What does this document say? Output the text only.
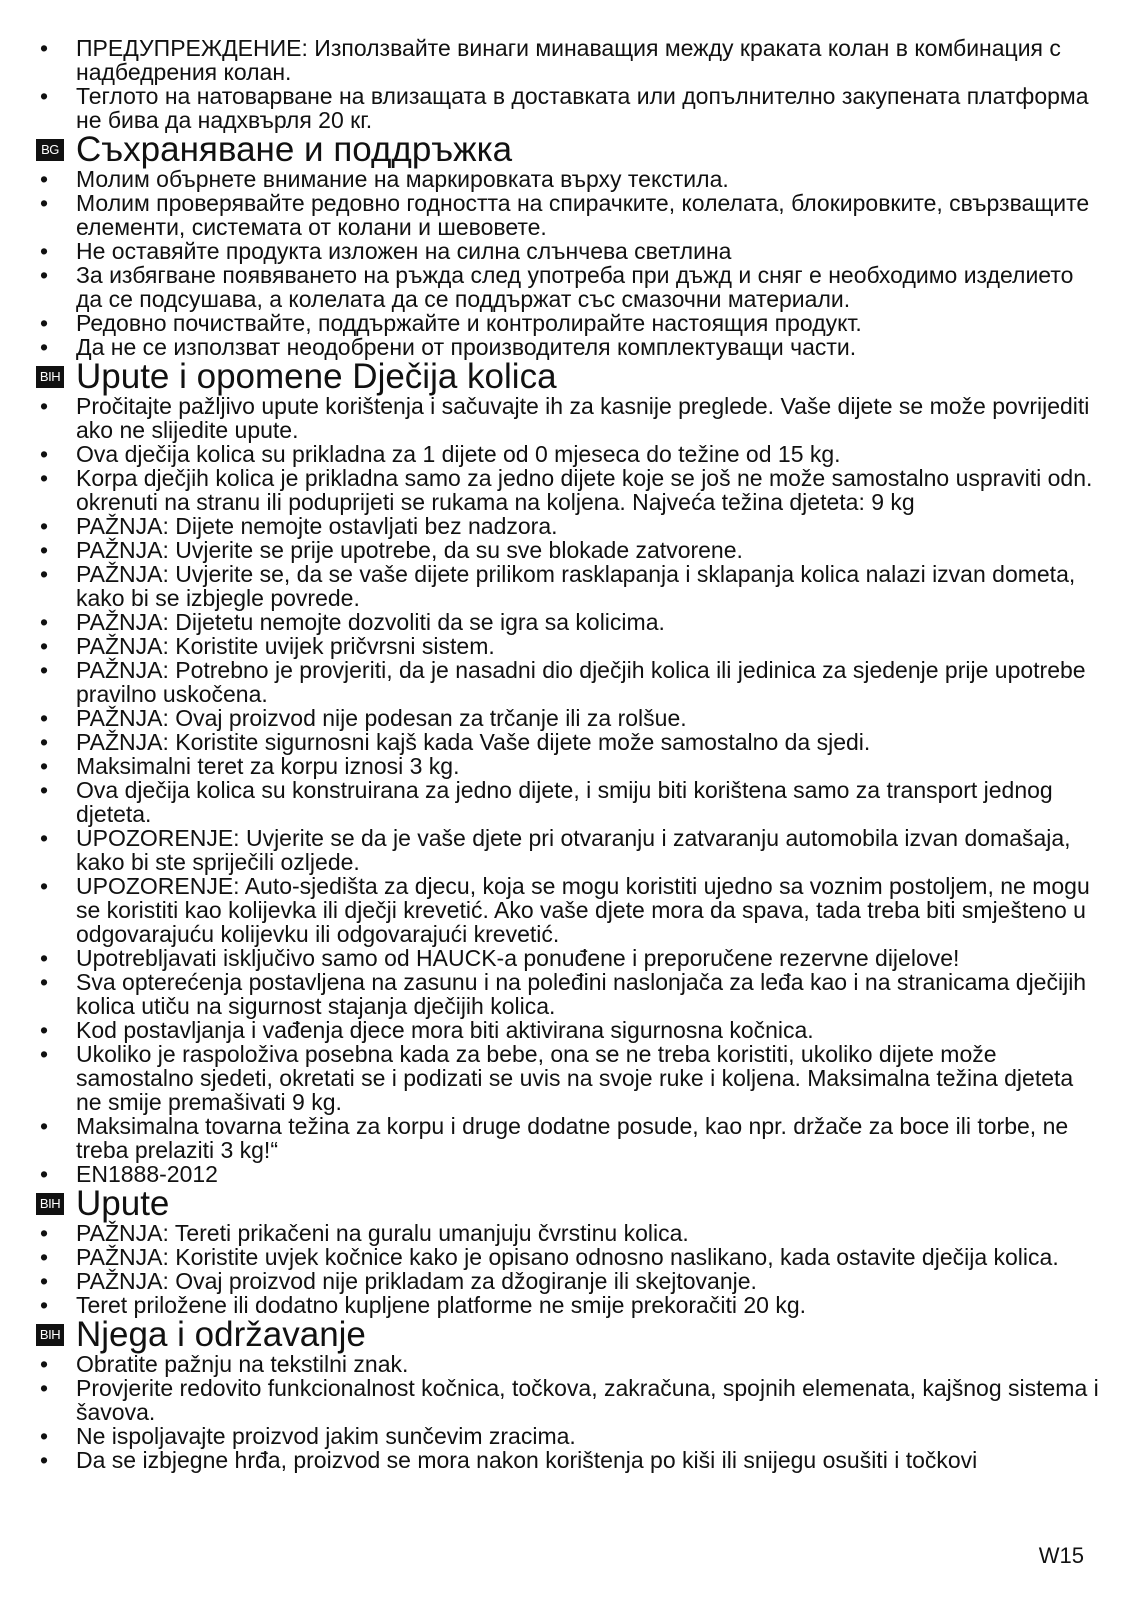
•	ПРЕДУПРЕЖДЕНИЕ: Използвайте винаги минаващия между краката колан в комбинация с надбедрения колан.
•	Теглото на натоварване на влизащата в доставката или допълнително закупената платформа не бива да надхвърля 20 кг.
BG Съхраняване и поддръжка
•	Молим обърнете внимание на маркировката върху текстила.
•	Молим проверявайте редовно годността на спирачките, колелата, блокировките, свързващите елементи, системата от колани и шевовете.
•	Не оставяйте продукта изложен на силна слънчева светлина
•	За избягване появяването на ръжда след употреба при дъжд и сняг е необходимо изделието да се подсушава, а колелата да се поддържат със смазочни материали.
•	Редовно почиствайте, поддържайте и контролирайте настоящия продукт.
•	Да не се използват неодобрени от производителя комплектуващи части.
BIH Upute i opomene Dječija kolica
•	Pročitajte pažljivo upute korištenja i sačuvajte ih za kasnije preglede. Vaše dijete se može povrijediti ako ne slijedite upute.
•	Ova dječija kolica su prikladna za 1 dijete od 0 mjeseca do težine od 15 kg.
•	Korpa dječjih kolica je prikladna samo za jedno dijete koje se još ne može samostalno uspraviti odn. okrenuti na stranu ili poduprijeti se rukama na koljena. Najveća težina djeteta: 9 kg
•	PAŽNJA: Dijete nemojte ostavljati bez nadzora.
•	PAŽNJA: Uvjerite se prije upotrebe, da su sve blokade zatvorene.
•	PAŽNJA: Uvjerite se, da se vaše dijete prilikom rasklapanja i sklapanja kolica nalazi izvan dometa, kako bi se izbjegle povrede.
•	PAŽNJA: Dijetetu nemojte dozvoliti da se igra sa kolicima.
•	PAŽNJA: Koristite uvijek pričvrsni sistem.
•	PAŽNJA: Potrebno je provjeriti, da je nasadni dio dječjih kolica ili jedinica za sjedenje prije upotrebe pravilno uskočena.
•	PAŽNJA: Ovaj proizvod nije podesan za trčanje ili za rolšue.
•	PAŽNJA: Koristite sigurnosni kajš kada Vaše dijete može samostalno da sjedi.
•	Maksimalni teret za korpu iznosi 3 kg.
•	Ova dječija kolica su konstruirana za jedno dijete, i smiju biti korištena samo za transport jednog djeteta.
•	UPOZORENJE: Uvjerite se da je vaše djete pri otvaranju i zatvaranju automobila izvan domašaja, kako bi ste spriječili ozljede.
•	UPOZORENJE: Auto-sjedišta za djecu, koja se mogu koristiti ujedno sa voznim postoljem, ne mogu se koristiti kao kolijevka ili dječji krevetić. Ako vaše djete mora da spava, tada treba biti smješteno u odgovarajuću kolijevku ili odgovarajući krevetić.
•	Upotrebljavati isključivo samo od HAUCK-a ponuđene i preporučene rezervne dijelove!
•	Sva opterećenja postavljena na zasunu i na poleđini naslonjača za leđa kao i na stranicama dječijih kolica utiču na sigurnost stajanja dječijih kolica.
•	Kod postavljanja i vađenja djece mora biti aktivirana sigurnosna kočnica.
•	Ukoliko je raspoloživa posebna kada za bebe, ona se ne treba koristiti, ukoliko dijete može samostalno sjedeti, okretati se i podizati se uvis na svoje ruke i koljena. Maksimalna težina djeteta ne smije premašivati 9 kg.
•	Maksimalna tovarna težina za korpu i druge dodatne posude, kao npr. držače za boce ili torbe, ne treba prelaziti 3 kg!“
•	EN1888-2012
BIH Upute
•	PAŽNJA: Tereti prikačeni na guralu umanjuju čvrstinu kolica.
•	PAŽNJA: Koristite uvjek kočnice kako je opisano odnosno naslikano, kada ostavite dječija kolica.
•	PAŽNJA: Ovaj proizvod nije prikladam za džogiranje ili skejtovanje.
•	Teret priložene ili dodatno kupljene platforme ne smije prekoračiti 20 kg.
BIH Njega i održavanje
•	Obratite pažnju na tekstilni znak.
•	Provjerite redovito funkcionalnost kočnica, točkova, zakračuna, spojnih elemenata, kajšnog sistema i šavova.
•	Ne ispoljavajte proizvod jakim sunčevim zracima.
•	Da se izbjegne hrđa, proizvod se mora nakon korištenja po kiši ili snijegu osušiti i točkovi
W15
